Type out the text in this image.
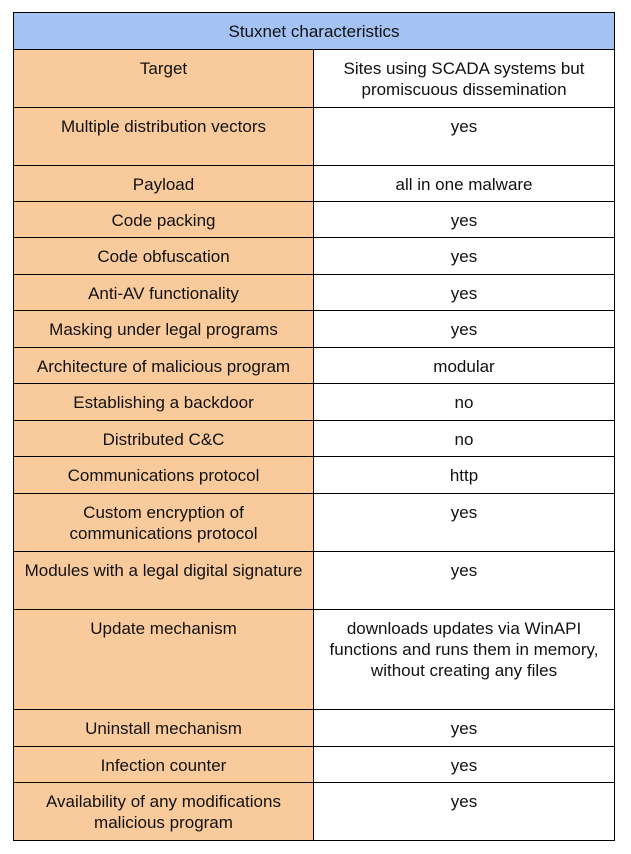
Stuxnet characteristics	
Target	Sites using SCADA systems but promiscuous dissemination
Multiple distribution vectors	yes
Payload	all in one malware
Code packing	yes
Code obfuscation	yes
Anti-AV functionality	yes
Masking under legal programs	yes
Architecture of malicious program	modular
Establishing a backdoor	no
Distributed C&C	no
Communications protocol	http
Custom encryption of communications protocol	yes
Modules with a legal digital signature	yes
Update mechanism	downloads updates via WinAPI functions and runs them in memory, without creating any files
Uninstall mechanism	yes
Infection counter	yes
Availability of any modifications malicious program	yes
